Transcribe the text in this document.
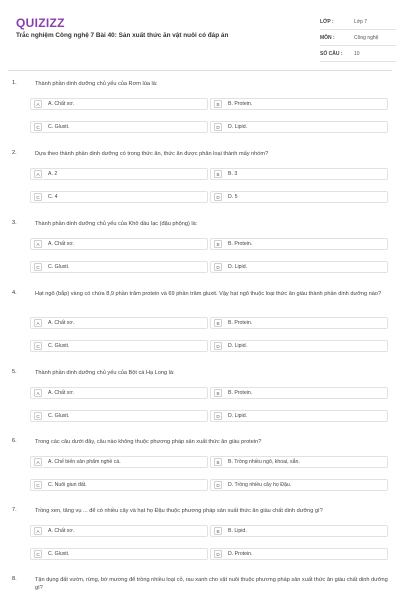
QUIZIZZ
Trắc nghiệm Công nghệ 7 Bài 40: Sản xuất thức ăn vật nuôi có đáp án
LỚP :	Lớp 7
MÔN :	Công nghệ
SỐ CÂU :	10
1.	Thành phần dinh dưỡng chủ yếu của Rơm lúa là:
A	A. Chất xơ.	B	B. Protein.
C	C. Gluxit.	D	D. Lipid.
2.	Dựa theo thành phần dinh dưỡng có trong thức ăn, thức ăn được phân loại thành mấy nhóm?
A	A. 2	B	B. 3
C	C. 4	D	D. 5
3.	Thành phần dinh dưỡng chủ yếu của Khô dầu lạc (đậu phộng) là:
A	A. Chất xơ.	B	B. Protein.
C	C. Gluxit.	D	D. Lipid.
4.	Hạt ngô (bắp) vàng có chứa 8,9 phần trăm protein và 69 phần trăm gluxit. Vậy hạt ngô thuộc loại thức ăn giàu thành phần dinh dưỡng nào?
A	A. Chất xơ.	B	B. Protein.
C	C. Gluxit.	D	D. Lipid.
5.	Thành phần dinh dưỡng chủ yếu của Bột cá Hạ Long là:
A	A. Chất xơ.	B	B. Protein.
C	C. Gluxit.	D	D. Lipid.
6.	Trong các câu dưới đây, câu nào không thuộc phương pháp sản xuất thức ăn giàu protein?
A	A. Chế biến sản phẩm nghề cá.	B	B. Trồng nhiều ngô, khoai, sắn.
C	C. Nuôi giun đất.	D	D. Trồng nhiều cây họ Đậu.
7.	Trồng xen, tăng vụ ... để có nhiều cây và hạt họ Đậu thuộc phương pháp sản xuất thức ăn giàu chất dinh dưỡng gì?
A	A. Chất xơ.	B	B. Lipid.
C	C. Gluxit.	D	D. Protein.
8.	Tận dụng đất vườn, rừng, bờ mương để trồng nhiều loại cỏ, rau xanh cho vật nuôi thuộc phương pháp sản xuất thức ăn giàu chất dinh dưỡng gì?
